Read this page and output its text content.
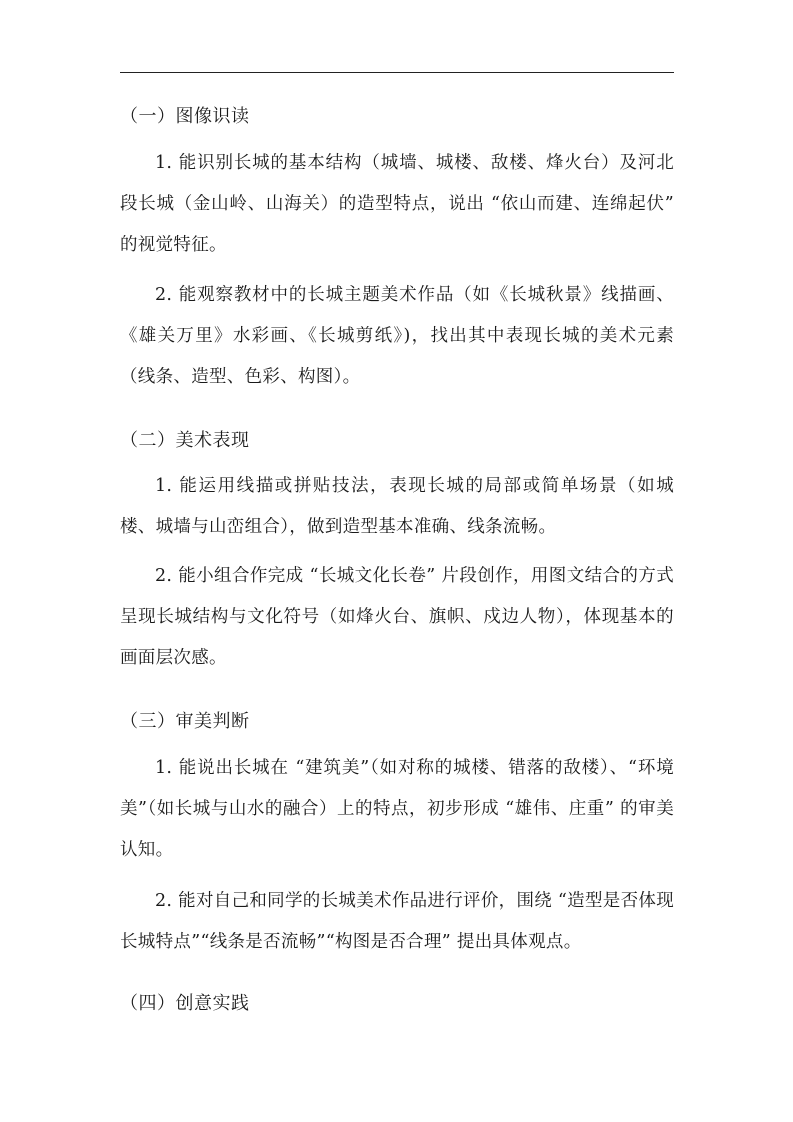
（一）图像识读

1. 能识别长城的基本结构（城墙、城楼、敌楼、烽火台）及河北段长城（金山岭、山海关）的造型特点，说出 “依山而建、连绵起伏” 的视觉特征。

2. 能观察教材中的长城主题美术作品（如《长城秋景》线描画、《雄关万里》水彩画、《长城剪纸》)，找出其中表现长城的美术元素（线条、造型、色彩、构图）。

（二）美术表现

1. 能运用线描或拼贴技法，表现长城的局部或简单场景（如城楼、城墙与山峦组合），做到造型基本准确、线条流畅。

2. 能小组合作完成 “长城文化长卷” 片段创作，用图文结合的方式呈现长城结构与文化符号（如烽火台、旗帜、戍边人物），体现基本的画面层次感。

（三）审美判断

1. 能说出长城在 “建筑美”（如对称的城楼、错落的敌楼）、“环境美”（如长城与山水的融合）上的特点，初步形成 “雄伟、庄重” 的审美认知。

2. 能对自己和同学的长城美术作品进行评价，围绕 “造型是否体现长城特点”“线条是否流畅”“构图是否合理” 提出具体观点。

（四）创意实践
